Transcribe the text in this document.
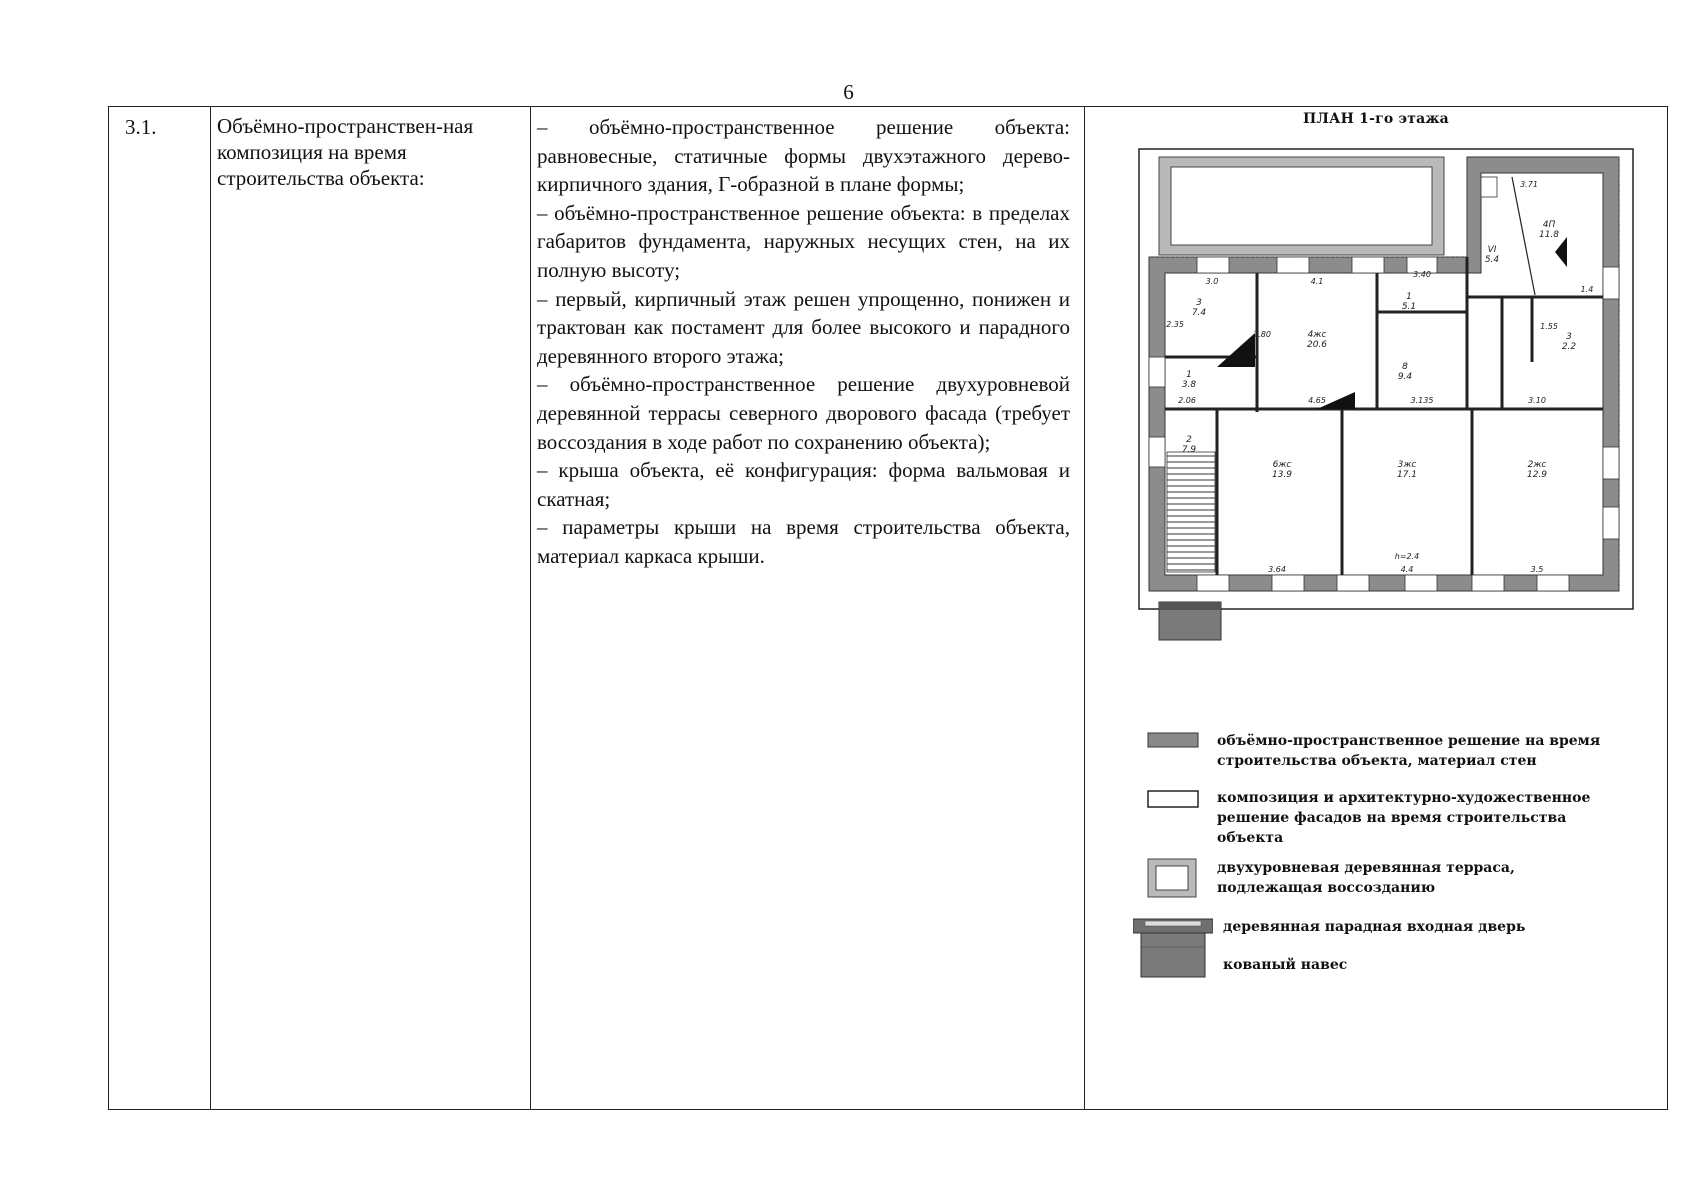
6
3.1.	Объёмно-пространствен-ная композиция на время строительства объекта:	

– объёмно-пространственное решение объекта: равновесные, статичные формы двухэтажного дерево-кирпичного здания, Г-образной в плане формы;

– объёмно-пространственное решение объекта: в пределах габаритов фундамента, наружных несущих стен, на их полную высоту;

– первый, кирпичный этаж решен упрощенно, понижен и трактован как постамент для более высокого и парадного деревянного второго этажа;

– объёмно-пространственное решение двухуровневой деревянной террасы северного дворового фасада (требует воссоздания в ходе работ по сохранению объекта);

– крыша объекта, её конфигурация: форма вальмовая и скатная;

– параметры крыши на время строительства объекта, материал каркаса крыши.

ПЛАН 1-го этажа
3
7.4
4жс
20.6
1
5.1
VI
5.4
4П
11.8
8
9.4
3
2.2
1
3.8
2
7.9
6жс
13.9
3жс
17.1
2жс
12.9
3.0	4.1
3.40
3.71
2.35
2.80
4.65	3.135	3.10
2.06
3.64	4.4	3.5
h=2.4
1.55
1.4
объёмно-пространственное решение на время строительства объекта, материал стен
композиция и архитектурно-художественное решение фасадов на время строительства объекта
двухуровневая деревянная терраса, подлежащая воссозданию
деревянная парадная входная дверь
кованый навес
